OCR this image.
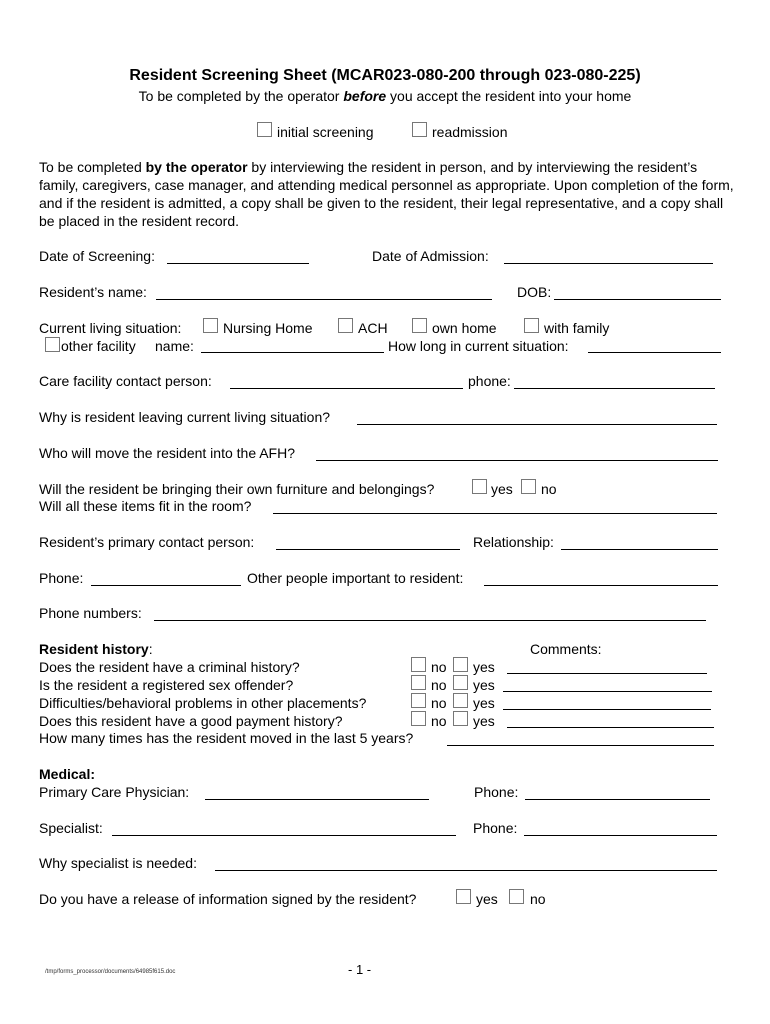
Resident Screening Sheet (MCAR023-080-200 through 023-080-225)
To be completed by the operator before you accept the resident into your home
initial screening	readmission
To be completed by the operator by interviewing the resident in person, and by interviewing the resident’s family, caregivers, case manager, and attending medical personnel as appropriate. Upon completion of the form, and if the resident is admitted, a copy shall be given to the resident, their legal representative, and a copy shall be placed in the resident record.
Date of Screening:	Date of Admission:
Resident’s name:	DOB:
Current living situation:	Nursing Home	ACH	own home	with family
other facility name:	How long in current situation:
Care facility contact person:	phone:
Why is resident leaving current living situation?
Who will move the resident into the AFH?
Will the resident be bringing their own furniture and belongings?	yes no
Will all these items fit in the room?
Resident’s primary contact person:	Relationship:
Phone:	Other people important to resident:
Phone numbers:
Resident history:	Comments:
Does the resident have a criminal history?	no yes
Is the resident a registered sex offender?	no yes
Difficulties/behavioral problems in other placements?	no yes
Does this resident have a good payment history?	no yes
How many times has the resident moved in the last 5 years?
Medical:
Primary Care Physician:	Phone:
Specialist:	Phone:
Why specialist is needed:
Do you have a release of information signed by the resident?	yes no
/tmp/forms_processor/documents/64985f615.doc	- 1 -
